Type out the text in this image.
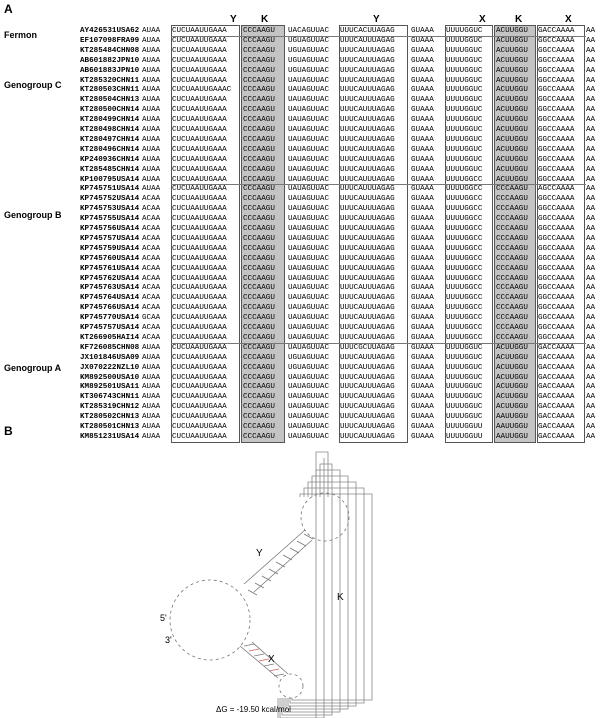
A
Y K	Y	X	K	X
Fermon
Genogroup C
Genogroup B
Genogroup A
AY426531USA62 AUAA CUCUAAUUGAAA CCCAAGU UACAGUUAC UUUCACUUAGAG GUAAA UUUUGGUC ACUUGGU GACCAAAA AA
EF107098FRA99 AUAA CUCUAAUUGAAA CCCAAGU UGUAGUUAC UUUCAUUUAGAG GUAAA UUUUGGUC ACUUGGU GGCCAAAA AA
KT285484CHN08 AUAA CUCUAAUUGAAA CCCAAGU UGUAGUUAC UUUCAUUUAGAG GUAAA UUUUGGUC ACUUGGU GGCCAAAA AA
AB601882JPN10 AUAA CUCUAAUUGAAA CCCAAGU UGUAGUUAC UUUCAUUUAGAG GUAAA UUUUGGUC ACUUGGU GGCCAAAA AA
AB601883JPN10 AUAA CUCUAAUUGAAA CCCAAGU UGUAGUUAC UUUCAUUUAGAG GUAAA UUUUGGUC ACUUGGU GGCCAAAA AA
KT285320CHN11 AUAA CUCUAAUUGAAA CCCAAGU UAUAGUUAC UUUCAUUUAGAG GUAAA UUUUGGUC ACUUGGU GGCCAAAA AA
KT280503CHN11 AUAA CUCUAAUUGAAAC CCCAAGU UAUAGUUAC UUUCAUUUAGAG GUAAA UUUUGGUC ACUUGGU GGCCAAAA AA
KT280504CHN13 AUAA CUCUAAUUGAAA CCCAAGU UAUAGUUAC UUUCAUUUAGAG GUAAA UUUUGGUC ACUUGGU GGCCAAAA AA
KT280500CHN14 AUAA CUCUAAUUGAAA CCCAAGU UAUAGUUAC UUUCAUUUAGAG GUAAA UUUUGGUC ACUUGGU GGCCAAAA AA
KT280499CHN14 AUAA CUCUAAUUGAAA CCCAAGU UAUAGUUAC UUUCAUUUAGAG GUAAA UUUUGGUC ACUUGGU GGCCAAAA AA
KT280498CHN14 AUAA CUCUAAUUGAAA CCCAAGU UAUAGUUAC UUUCAUUUAGAG GUAAA UUUUGGUC ACUUGGU GGCCAAAA AA
KT280497CHN14 AUAA CUCUAAUUGAAA CCCAAGU UAUAGUUAC UUUCAUUUAGAG GUAAA UUUUGGUC ACUUGGU GGCCAAAA AA
KT280496CHN14 AUAA CUCUAAUUGAAA CCCAAGU UAUAGUUAC UUUCAUUUAGAG GUAAA UUUUGGUC ACUUGGU GGCCAAAA AA
KP240936CHN14 AUAA CUCUAAUUGAAA CCCAAGU UAUAGUUAC UUUCAUUUAGAG GUAAA UUUUGGUC ACUUGGU GGCCAAAA AA
KT285485CHN14 AUAA CUCUAAUUGAAA CCCAAGU UAUAGUUAC UUUCAUUUAGAG GUAAA UUUUGGUC ACUUGGU GGCCAAAA AA
KP100795USA14 AUAA CUCUAAUUGAAA CCCAAGU UAUAGUUAC UUUCAUUUAGAG GUAAA UUUUGGCC ACUUGGU GGCCAAAA AA
KP745751USA14 AUAA CUCUAAUUGAAA CCCAAGU UAUAGUUAC UUUCAUUUAGAG GUAAA UUUUGGCC CCCAAGU AGCCAAAA AA
KP745752USA14 ACAA CUCUAAUUGAAA CCCAAGU UAUAGUUAC UUUCAUUUAGAG GUAAA UUUUGGCC CCCAAGU GGCCAAAA AA
KP745753USA14 ACAA CUCUAAUUGAAA CCCAAGU UAUAGUUAC UUUCAUUUAGAG GUAAA UUUUGGCC CCCAAGU GGCCAAAA AA
KP745755USA14 ACAA CUCUAAUUGAAA CCCAAGU UAUAGUUAC UUUCAUUUAGAG GUAAA UUUUGGCC CCCAAGU GGCCAAAA AA
KP745756USA14 ACAA CUCUAAUUGAAA CCCAAGU UAUAGUUAC UUUCAUUUAGAG GUAAA UUUUGGCC CCCAAGU GGCCAAAA AA
KP745757USA14 ACAA CUCUAAUUGAAA CCCAAGU UAUAGUUAC UUUCAUUUAGAG GUAAA UUUUGGCC CCCAAGU GGCCAAAA AA
KP745759USA14 ACAA CUCUAAUUGAAA CCCAAGU UAUAGUUAC UUUCAUUUAGAG GUAAA UUUUGGCC CCCAAGU GGCCAAAA AA
KP745760USA14 ACAA CUCUAAUUGAAA CCCAAGU UAUAGUUAC UUUCAUUUAGAG GUAAA UUUUGGCC CCCAAGU GGCCAAAA AA
KP745761USA14 ACAA CUCUAAUUGAAA CCCAAGU UAUAGUUAC UUUCAUUUAGAG GUAAA UUUUGGCC CCCAAGU GGCCAAAA AA
KP745762USA14 ACAA CUCUAAUUGAAA CCCAAGU UAUAGUUAC UUUCAUUUAGAG GUAAA UUUUGGCC CCCAAGU GGCCAAAA AA
KP745763USA14 ACAA CUCUAAUUGAAA CCCAAGU UAUAGUUAC UUUCAUUUAGAG GUAAA UUUUGGCC CCCAAGU GGCCAAAA AA
KP745764USA14 ACAA CUCUAAUUGAAA CCCAAGU UAUAGUUAC UUUCAUUUAGAG GUAAA UUUUGGCC CCCAAGU GGCCAAAA AA
KP745766USA14 ACAA CUCUAAUUGAAA CCCAAGU UAUAGUUAC UUUCAUUUAGAG GUAAA UUUUGGCC CCCAAGU GGCCAAAA AA
KP745770USA14 GCAA CUCUAAUUGAAA CCCAAGU UAUAGUUAC UUUCAUUUAGAG GUAAA UUUUGGCC CCCAAGU GGCCAAAA AA
KP745757USA14 ACAA CUCUAAUUGAAA CCCAAGU UAUAGUUAC UUUCAUUUAGAG GUAAA UUUUGGCC CCCAAGU GGCCAAAA AA
KT266905HAI14 ACAA CUCUAAUUGAAA CCCAAGU UAUAGUUAC UUUCAUUUAGAG GUAAA UUUUGGCC CCCAAGU GGCCAAAA AA
KF726085CHN08 AUAA CUCUAAUUGAAA CCCAAGU UAUAGUUAC UUUCGCUUAGAG GUAAA UUUUGGUC ACUUGGU GACCAAAA AA
JX101846USA09 AUAA CUCUAAUUGAAA CCCAAGU UGUAGUUAC UUUCAUUUAGAG GUAAA UUUUGGUC ACUUGGU GACCAAAA AA
JX070222NZL10 AUAA CUCUAAUUGAAA CCCAAGU UGUAGUUAC UUUCAUUUAGAG GUAAA UUUUGGUC ACUUGGU GACCAAAA AA
KM892500USA10 AUAA CUCUAAUUGAAA CCCAAGU UAUAGUUAC UUUCAUUUAGAG GUAAA UUUUGGUC ACUUGGU GACCAAAA AA
KM892501USA11 AUAA CUCUAAUUGAAA CCCAAGU UAUAGUUAC UUUCAUUUAGAG GUAAA UUUUGGUC ACUUGGU GACCAAAA AA
KT306743CHN11 AUAA CUCUAAUUGAAA CCCAAGU UAUAGUUAC UUUCAUUUAGAG GUAAA UUUUGGUC ACUUGGU GACCAAAA AA
KT285319CHN12 AUAA CUCUAAUUGAAA CCCAAGU UAUAGUUAC UUUCAUUUAGAG GUAAA UUUUGGUC ACUUGGU GACCAAAA AA
KT280502CHN13 AUAA CUCUAAUUGAAA CCCAAGU UAUAGUUAC UUUCAUUUAGAG GUAAA UUUUGGUC AAUUGGU GACCAAAA AA
KT280501CHN13 AUAA CUCUAAUUGAAA CCCAAGU UAUAGUUAC UUUCAUUUAGAG GUAAA UUUUGGUU AAUUGGU GACCAAAA AA
KM851231USA14 AUAA CUCUAAUUGAAA CCCAAGU UAUAGUUAC UUUCAUUUAGAG GUAAA UUUUGGUU AAUUGGU GACCAAAA AA
B
Y
K
X
5'
3'
ΔG = -19.50 kcal/mol
